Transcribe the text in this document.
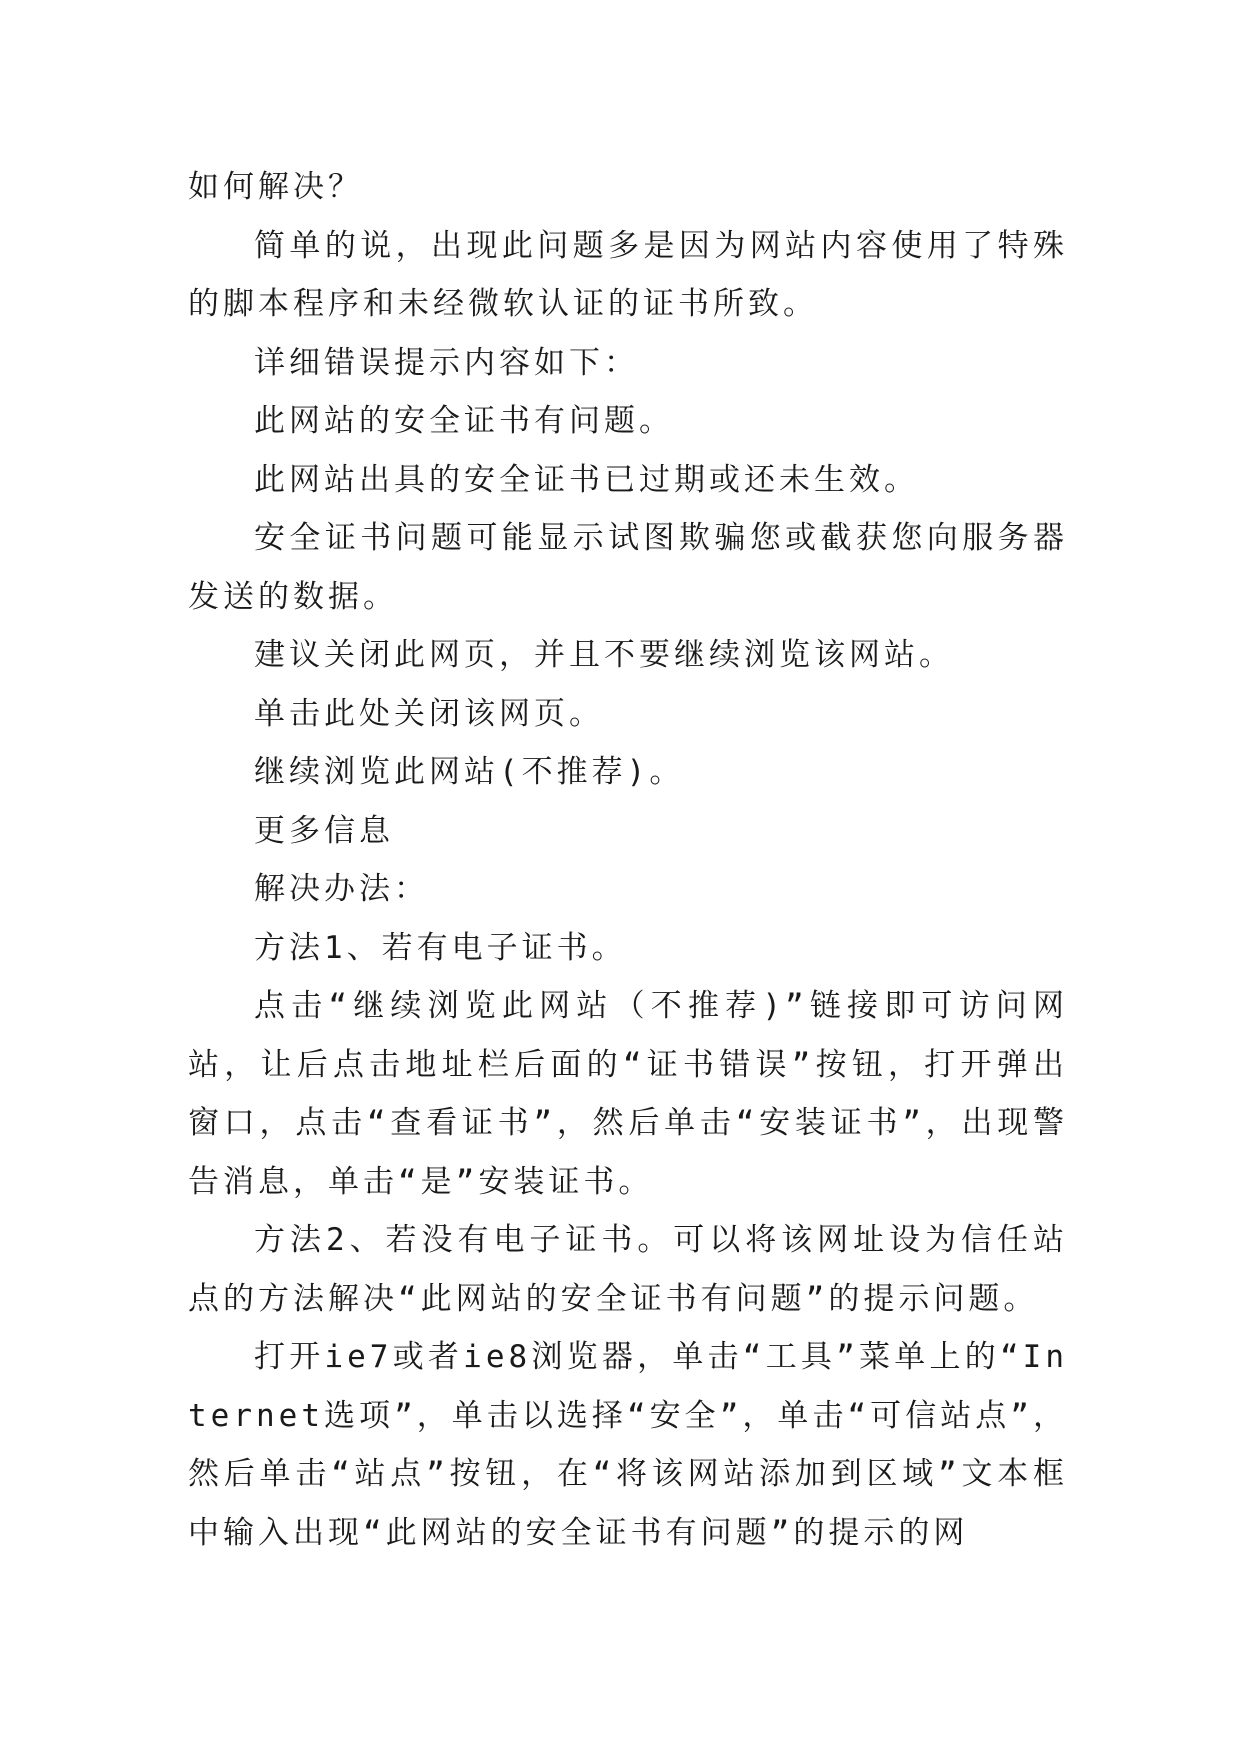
如何解决？

简单的说，出现此问题多是因为网站内容使用了特殊的脚本程序和未经微软认证的证书所致。

详细错误提示内容如下：

此网站的安全证书有问题。

此网站出具的安全证书已过期或还未生效。

安全证书问题可能显示试图欺骗您或截获您向服务器发送的数据。

建议关闭此网页，并且不要继续浏览该网站。

单击此处关闭该网页。

继续浏览此网站(不推荐)。

更多信息

解决办法：

方法1、若有电子证书。

点击“继续浏览此网站（不推荐)”链接即可访问网站，让后点击地址栏后面的“证书错误”按钮，打开弹出窗口，点击“查看证书”，然后单击“安装证书”，出现警告消息，单击“是”安装证书。

方法2、若没有电子证书。可以将该网址设为信任站点的方法解决“此网站的安全证书有问题”的提示问题。

打开ie7或者ie8浏览器，单击“工具”菜单上的“Internet选项”，单击以选择“安全”，单击“可信站点”，然后单击“站点”按钮，在“将该网站添加到区域”文本框中输入出现“此网站的安全证书有问题”的提示的网
